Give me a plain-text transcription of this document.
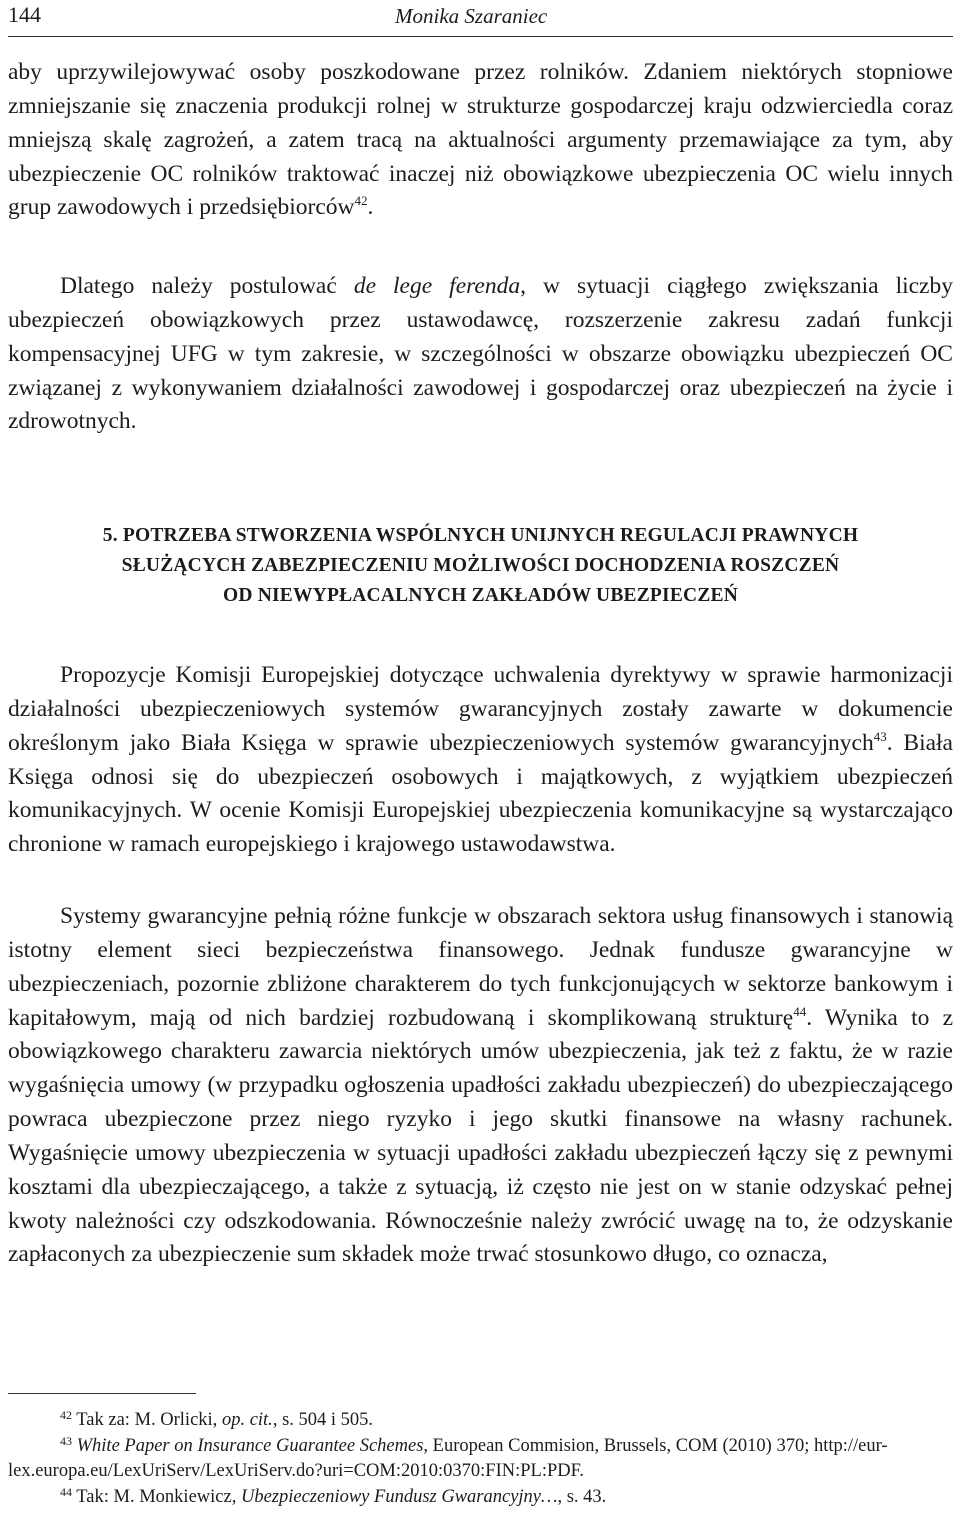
144	Monika Szaraniec

aby uprzywilejowywać osoby poszkodowane przez rolników. Zdaniem niektórych stopniowe zmniejszanie się znaczenia produkcji rolnej w strukturze gospodarczej kraju odzwierciedla coraz mniejszą skalę zagrożeń, a zatem tracą na aktualności argumenty przemawiające za tym, aby ubezpieczenie OC rolników traktować inaczej niż obowiązkowe ubezpieczenia OC wielu innych grup zawodowych i przedsiębiorców$^{42}$.

Dlatego należy postulować de lege ferenda, w sytuacji ciągłego zwiększania liczby ubezpieczeń obowiązkowych przez ustawodawcę, rozszerzenie zakresu zadań funkcji kompensacyjnej UFG w tym zakresie, w szczególności w obszarze obowiązku ubezpieczeń OC związanej z wykonywaniem działalności zawodowej i gospodarczej oraz ubezpieczeń na życie i zdrowotnych.

5. POTRZEBA STWORZENIA WSPÓLNYCH UNIJNYCH REGULACJI PRAWNYCH

SŁUŻĄCYCH ZABEZPIECZENIU MOŻLIWOŚCI DOCHODZENIA ROSZCZEŃ

OD NIEWYPŁACALNYCH ZAKŁADÓW UBEZPIECZEŃ

Propozycje Komisji Europejskiej dotyczące uchwalenia dyrektywy w sprawie harmonizacji działalności ubezpieczeniowych systemów gwarancyjnych zostały zawarte w dokumencie określonym jako Biała Księga w sprawie ubezpieczeniowych systemów gwarancyjnych$^{43}$. Biała Księga odnosi się do ubezpieczeń osobowych i majątkowych, z wyjątkiem ubezpieczeń komunikacyjnych. W ocenie Komisji Europejskiej ubezpieczenia komunikacyjne są wystarczająco chronione w ramach europejskiego i krajowego ustawodawstwa.

Systemy gwarancyjne pełnią różne funkcje w obszarach sektora usług finansowych i stanowią istotny element sieci bezpieczeństwa finansowego. Jednak fundusze gwarancyjne w ubezpieczeniach, pozornie zbliżone charakterem do tych funkcjonujących w sektorze bankowym i kapitałowym, mają od nich bardziej rozbudowaną i skomplikowaną strukturę$^{44}$. Wynika to z obowiązkowego charakteru zawarcia niektórych umów ubezpieczenia, jak też z faktu, że w razie wygaśnięcia umowy (w przypadku ogłoszenia upadłości zakładu ubezpieczeń) do ubezpieczającego powraca ubezpieczone przez niego ryzyko i jego skutki finansowe na własny rachunek. Wygaśnięcie umowy ubezpieczenia w sytuacji upadłości zakładu ubezpieczeń łączy się z pewnymi kosztami dla ubezpieczającego, a także z sytuacją, iż często nie jest on w stanie odzyskać pełnej kwoty należności czy odszkodowania. Równocześnie należy zwrócić uwagę na to, że odzyskanie zapłaconych za ubezpieczenie sum składek może trwać stosunkowo długo, co oznacza,

$^{42}$ Tak za: M. Orlicki, op. cit., s. 504 i 505.

$^{43}$ White Paper on Insurance Guarantee Schemes, European Commision, Brussels, COM (2010) 370; http://eur-lex.europa.eu/LexUriServ/LexUriServ.do?uri=COM:2010:0370:FIN:PL:PDF.

$^{44}$ Tak: M. Monkiewicz, Ubezpieczeniowy Fundusz Gwarancyjny…, s. 43.
